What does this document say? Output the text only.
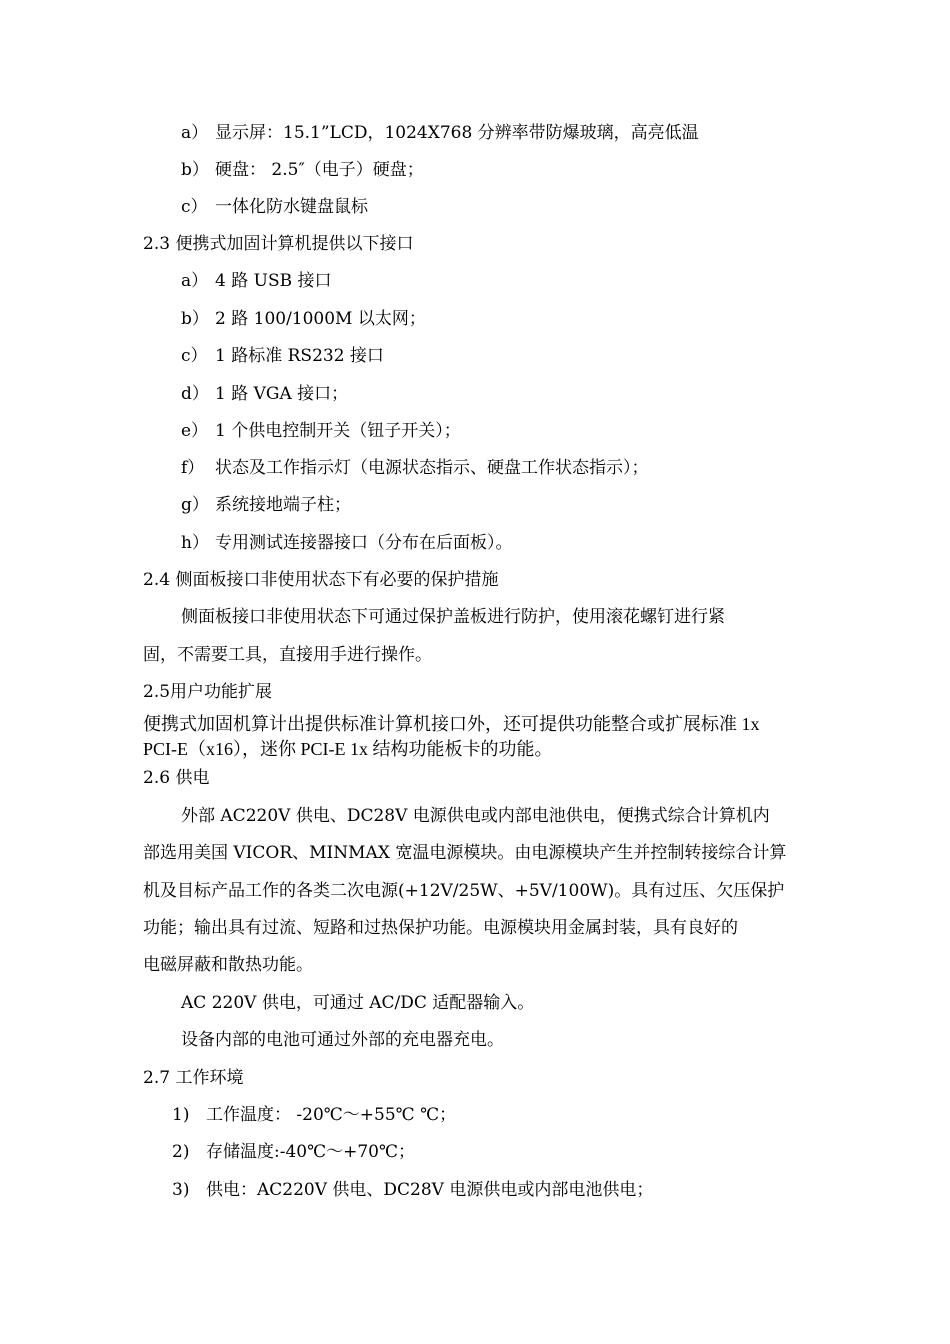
a） 显示屏：15.1”LCD，1024X768 分辨率带防爆玻璃，高亮低温
b） 硬盘： 2.5″（电子）硬盘；
c） 一体化防水键盘鼠标
2.3 便携式加固计算机提供以下接口
a） 4 路 USB 接口
b） 2 路 100/1000M 以太网；
c） 1 路标准 RS232 接口
d） 1 路 VGA 接口；
e） 1 个供电控制开关（钮子开关）；
f） 状态及工作指示灯（电源状态指示、硬盘工作状态指示）；
g） 系统接地端子柱；
h） 专用测试连接器接口（分布在后面板）。
2.4 侧面板接口非使用状态下有必要的保护措施
侧面板接口非使用状态下可通过保护盖板进行防护，使用滚花螺钉进行紧
固，不需要工具，直接用手进行操作。
2.5用户功能扩展
便携式加固机算计出提供标准计算机接口外，还可提供功能整合或扩展标准 1x
PCI-E（x16），迷你 PCI-E 1x 结构功能板卡的功能。
2.6 供电
外部 AC220V 供电、DC28V 电源供电或内部电池供电，便携式综合计算机内
部选用美国 VICOR、MINMAX 宽温电源模块。由电源模块产生并控制转接综合计算
机及目标产品工作的各类二次电源(+12V/25W、+5V/100W)。具有过压、欠压保护
功能；输出具有过流、短路和过热保护功能。电源模块用金属封装，具有良好的
电磁屏蔽和散热功能。
AC 220V 供电，可通过 AC/DC 适配器输入。
设备内部的电池可通过外部的充电器充电。
2.7 工作环境
1) 工作温度： -20℃～+55℃ ℃；
2) 存储温度:-40℃～+70℃；
3) 供电：AC220V 供电、DC28V 电源供电或内部电池供电；
